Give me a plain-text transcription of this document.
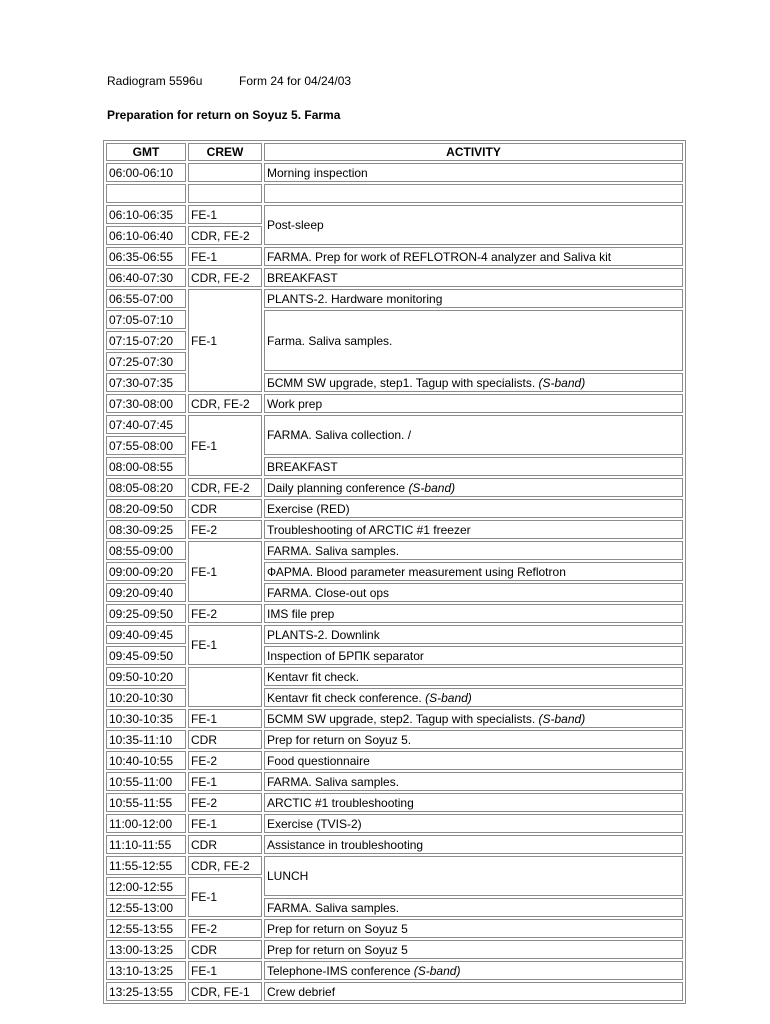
Radiogram 5596u	Form 24 for 04/24/03
Preparation for return on Soyuz 5. Farma
GMT	CREW	ACTIVITY
06:00-06:10		Morning inspection

06:10-06:35	FE-1	Post-sleep
06:10-06:40	CDR, FE-2	
06:35-06:55	FE-1	FARMA. Prep for work of REFLOTRON-4 analyzer and Saliva kit
06:40-07:30	CDR, FE-2	BREAKFAST
06:55-07:00	FE-1	PLANTS-2. Hardware monitoring
07:05-07:10		Farma. Saliva samples.
07:15-07:20		
07:25-07:30		
07:30-07:35		БСММ SW upgrade, step1. Tagup with specialists. (S-band)
07:30-08:00	CDR, FE-2	Work prep
07:40-07:45	FE-1	FARMA. Saliva collection. /
07:55-08:00		
08:00-08:55		BREAKFAST
08:05-08:20	CDR, FE-2	Daily planning conference (S-band)
08:20-09:50	CDR	Exercise (RED)
08:30-09:25	FE-2	Troubleshooting of ARCTIC #1 freezer
08:55-09:00	FE-1	FARMA. Saliva samples.
09:00-09:20		ФАРМА. Blood parameter measurement using Reflotron
09:20-09:40		FARMA. Close-out ops
09:25-09:50	FE-2	IMS file prep
09:40-09:45	FE-1	PLANTS-2. Downlink
09:45-09:50		Inspection of БРПК separator
09:50-10:20		Kentavr fit check.
10:20-10:30		Kentavr fit check conference. (S-band)
10:30-10:35	FE-1	БСММ SW upgrade, step2. Tagup with specialists. (S-band)
10:35-11:10	CDR	Prep for return on Soyuz 5.
10:40-10:55	FE-2	Food questionnaire
10:55-11:00	FE-1	FARMA. Saliva samples.
10:55-11:55	FE-2	ARCTIC #1 troubleshooting
11:00-12:00	FE-1	Exercise (TVIS-2)
11:10-11:55	CDR	Assistance in troubleshooting
11:55-12:55	CDR, FE-2	LUNCH
12:00-12:55	FE-1	
12:55-13:00		FARMA. Saliva samples.
12:55-13:55	FE-2	Prep for return on Soyuz 5
13:00-13:25	CDR	Prep for return on Soyuz 5
13:10-13:25	FE-1	Telephone-IMS conference (S-band)
13:25-13:55	CDR, FE-1	Crew debrief
